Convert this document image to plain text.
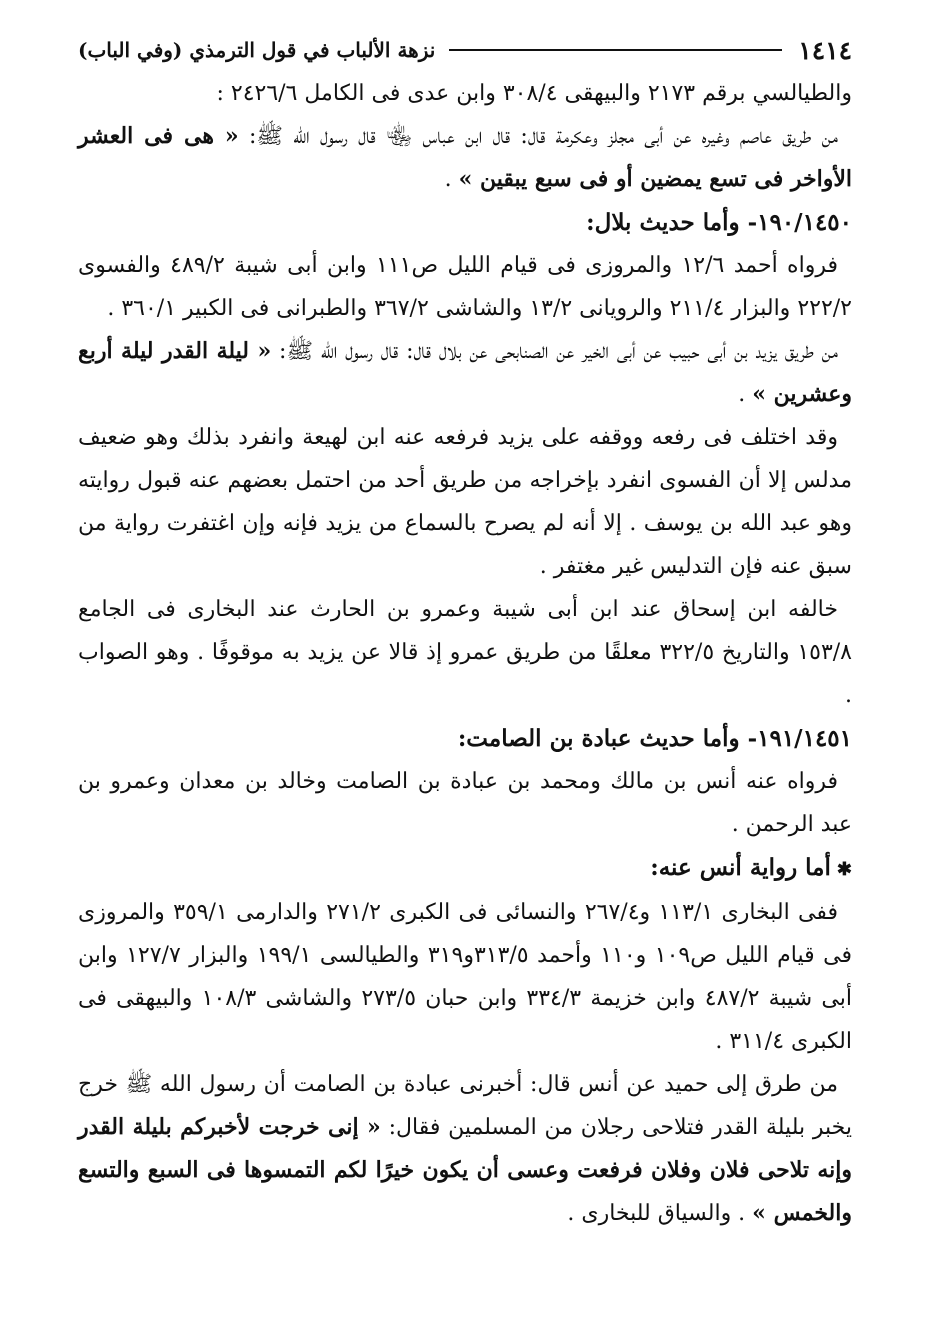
١٤١٤
نزهة الألباب في قول الترمذي (وفي الباب)

والطيالسي برقم ٢١٧٣ والبيهقى ٣٠٨/٤ وابن عدى فى الكامل ٢٤٢٦/٦ :

من طريق عاصم وغيره عن أبى مجلز وعكرمة قال: قال ابن عباس ﵄ قال رسول الله ﷺ: « هى فى العشر الأواخر فى تسع يمضين أو فى سبع يبقين » .

١٩٠/١٤٥٠- وأما حديث بلال:

فرواه أحمد ١٢/٦ والمروزى فى قيام الليل ص١١١ وابن أبى شيبة ٤٨٩/٢ والفسوى ٢٢٢/٢ والبزار ٢١١/٤ والرويانى ١٣/٢ والشاشى ٣٦٧/٢ والطبرانى فى الكبير ٣٦٠/١ .

من طريق يزيد بن أبى حبيب عن أبى الخير عن الصنابحى عن بلال قال: قال رسول الله ﷺ: « ليلة القدر ليلة أربع وعشرين » .

وقد اختلف فى رفعه ووقفه على يزيد فرفعه عنه ابن لهيعة وانفرد بذلك وهو ضعيف مدلس إلا أن الفسوى انفرد بإخراجه من طريق أحد من احتمل بعضهم عنه قبول روايته وهو عبد الله بن يوسف . إلا أنه لم يصرح بالسماع من يزيد فإنه وإن اغتفرت رواية من سبق عنه فإن التدليس غير مغتفر .

خالفه ابن إسحاق عند ابن أبى شيبة وعمرو بن الحارث عند البخارى فى الجامع ١٥٣/٨ والتاريخ ٣٢٢/٥ معلقًا من طريق عمرو إذ قالا عن يزيد به موقوفًا . وهو الصواب .

١٩١/١٤٥١- وأما حديث عبادة بن الصامت:

فرواه عنه أنس بن مالك ومحمد بن عبادة بن الصامت وخالد بن معدان وعمرو بن عبد الرحمن .

✱أما رواية أنس عنه:

ففى البخارى ١١٣/١ و٢٦٧/٤ والنسائى فى الكبرى ٢٧١/٢ والدارمى ٣٥٩/١ والمروزى فى قيام الليل ص١٠٩ و١١٠ وأحمد ٣١٣/٥و٣١٩ والطيالسى ١٩٩/١ والبزار ١٢٧/٧ وابن أبى شيبة ٤٨٧/٢ وابن خزيمة ٣٣٤/٣ وابن حبان ٢٧٣/٥ والشاشى ١٠٨/٣ والبيهقى فى الكبرى ٣١١/٤ .

من طرق إلى حميد عن أنس قال: أخبرنى عبادة بن الصامت أن رسول الله ﷺ خرج يخبر بليلة القدر فتلاحى رجلان من المسلمين فقال: « إنى خرجت لأخبركم بليلة القدر وإنه تلاحى فلان وفلان فرفعت وعسى أن يكون خيرًا لكم التمسوها فى السبع والتسع والخمس » . والسياق للبخارى .
